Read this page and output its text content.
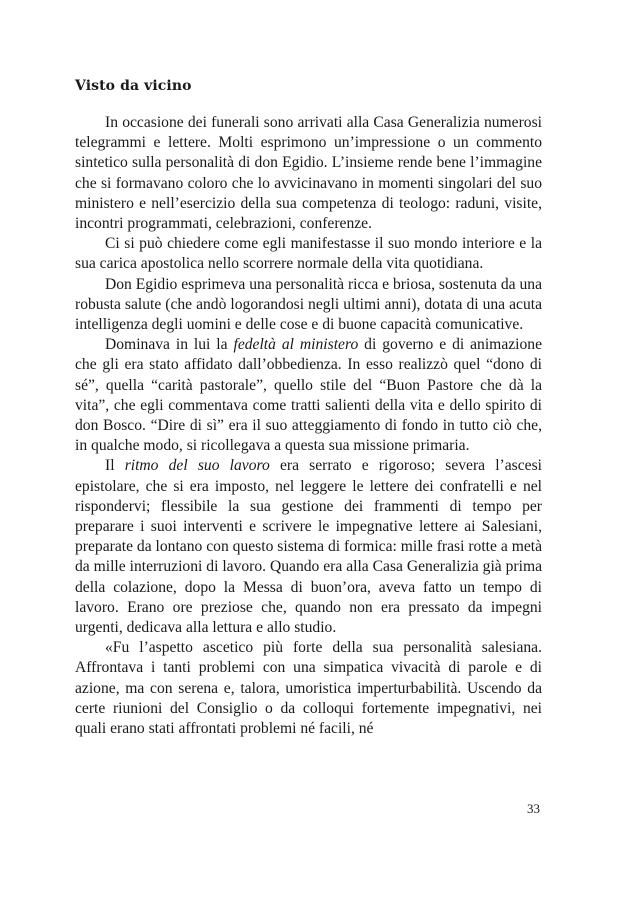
Visto da vicino

In occasione dei funerali sono arrivati alla Casa Generalizia numerosi telegrammi e lettere. Molti esprimono un’impressione o un commento sintetico sulla personalità di don Egidio. L’insieme rende bene l’immagine che si formavano coloro che lo avvicinavano in momenti singolari del suo ministero e nell’esercizio della sua competenza di teologo: raduni, visite, incontri programmati, celebrazioni, conferenze.

Ci si può chiedere come egli manifestasse il suo mondo interiore e la sua carica apostolica nello scorrere normale della vita quotidiana.

Don Egidio esprimeva una personalità ricca e briosa, sostenuta da una robusta salute (che andò logorandosi negli ultimi anni), dotata di una acuta intelligenza degli uomini e delle cose e di buone capacità comunicative.

Dominava in lui la fedeltà al ministero di governo e di animazione che gli era stato affidato dall’obbedienza. In esso realizzò quel “dono di sé”, quella “carità pastorale”, quello stile del “Buon Pastore che dà la vita”, che egli commentava come tratti salienti della vita e dello spirito di don Bosco. “Dire di sì” era il suo atteggiamento di fondo in tutto ciò che, in qualche modo, si ricollegava a questa sua missione primaria.

Il ritmo del suo lavoro era serrato e rigoroso; severa l’ascesi epistolare, che si era imposto, nel leggere le lettere dei confratelli e nel rispondervi; flessibile la sua gestione dei frammenti di tempo per preparare i suoi interventi e scrivere le impegnative lettere ai Salesiani, preparate da lontano con questo sistema di formica: mille frasi rotte a metà da mille interruzioni di lavoro. Quando era alla Casa Generalizia già prima della colazione, dopo la Messa di buon’ora, aveva fatto un tempo di lavoro. Erano ore preziose che, quando non era pressato da impegni urgenti, dedicava alla lettura e allo studio.

«Fu l’aspetto ascetico più forte della sua personalità salesiana. Affrontava i tanti problemi con una simpatica vivacità di parole e di azione, ma con serena e, talora, umoristica imperturbabilità. Uscendo da certe riunioni del Consiglio o da colloqui fortemente impegnativi, nei quali erano stati affrontati problemi né facili, né

33
